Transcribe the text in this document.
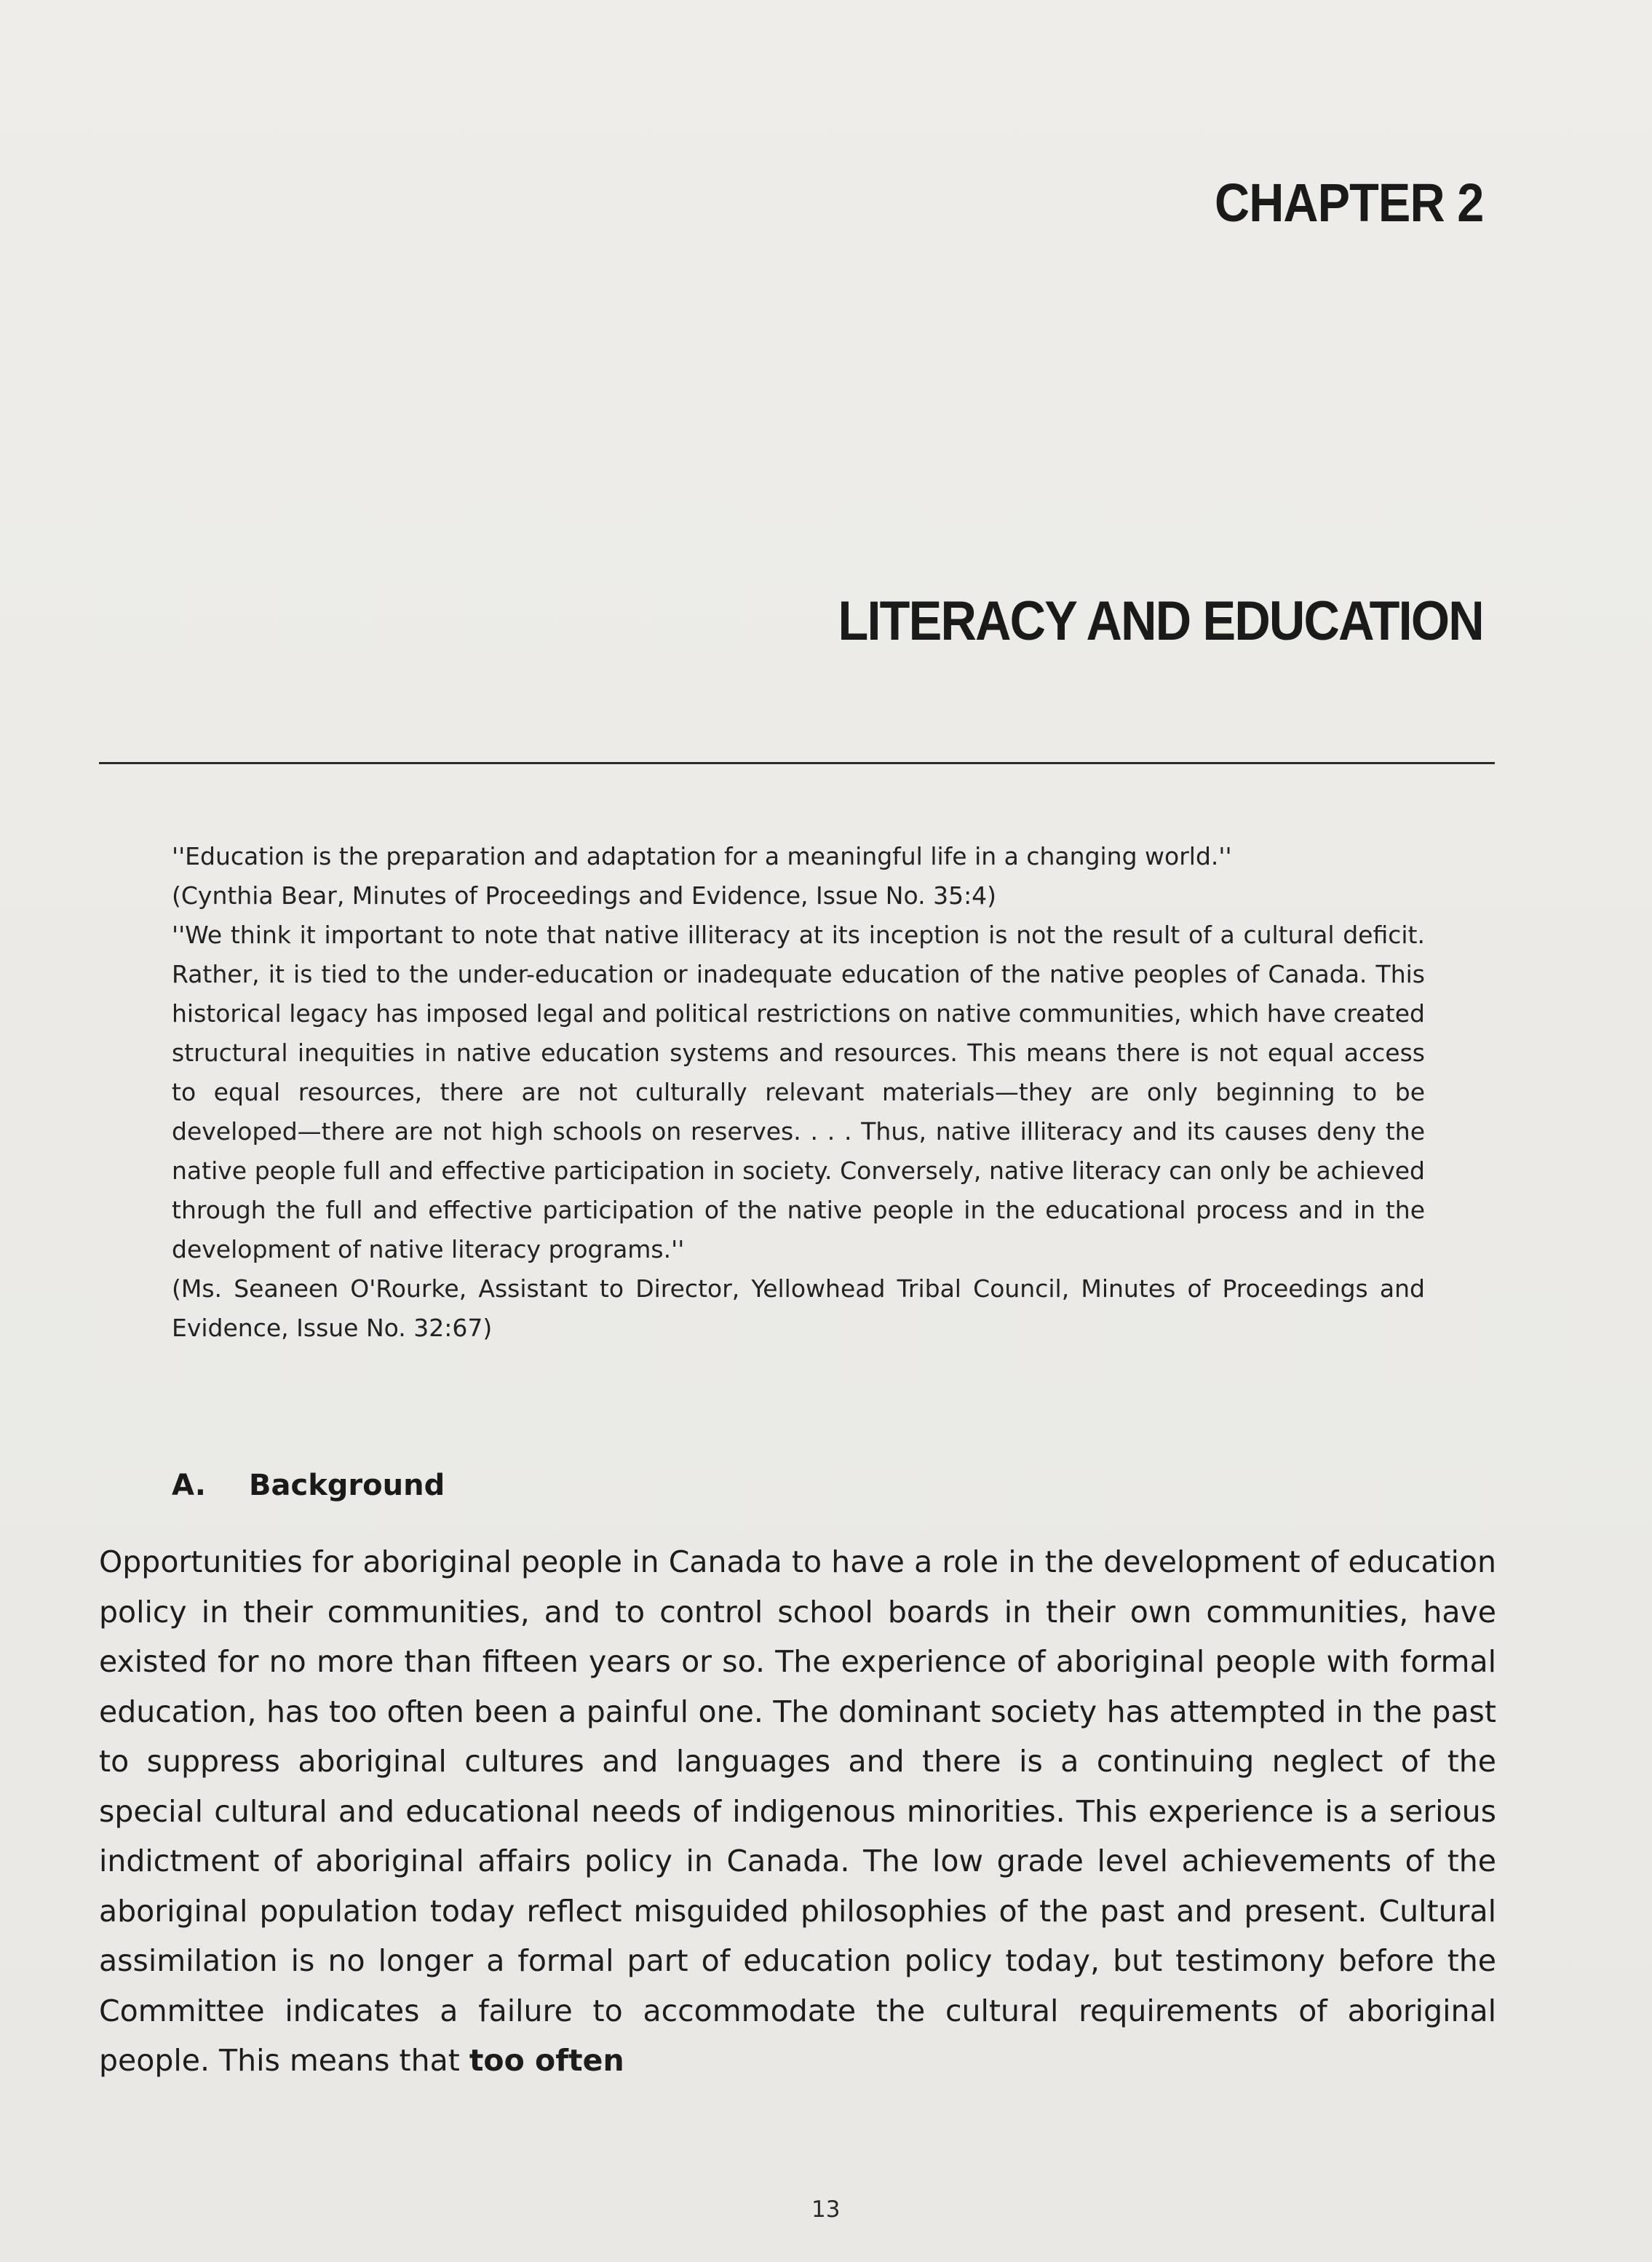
CHAPTER 2
LITERACY AND EDUCATION

''Education is the preparation and adaptation for a meaningful life in a changing world.''

(Cynthia Bear, Minutes of Proceedings and Evidence, Issue No. 35:4)

''We think it important to note that native illiteracy at its inception is not the result of a cultural deficit. Rather, it is tied to the under-education or inadequate education of the native peoples of Canada. This historical legacy has imposed legal and political restrictions on native communities, which have created structural inequities in native education systems and resources. This means there is not equal access to equal resources, there are not culturally relevant materials—they are only beginning to be developed—there are not high schools on reserves. . . . Thus, native illiteracy and its causes deny the native people full and effective participation in society. Conversely, native literacy can only be achieved through the full and effective participation of the native people in the educational process and in the development of native literacy programs.''

(Ms. Seaneen O'Rourke, Assistant to Director, Yellowhead Tribal Council, Minutes of Proceedings and Evidence, Issue No. 32:67)

A. Background

Opportunities for aboriginal people in Canada to have a role in the development of education policy in their communities, and to control school boards in their own communities, have existed for no more than fifteen years or so. The experience of aboriginal people with formal education, has too often been a painful one. The dominant society has attempted in the past to suppress aboriginal cultures and languages and there is a continuing neglect of the special cultural and educational needs of indigenous minorities. This experience is a serious indictment of aboriginal affairs policy in Canada. The low grade level achievements of the aboriginal population today reflect misguided philosophies of the past and present. Cultural assimilation is no longer a formal part of education policy today, but testimony before the Committee indicates a failure to accommodate the cultural requirements of aboriginal people. This means that too often

13
